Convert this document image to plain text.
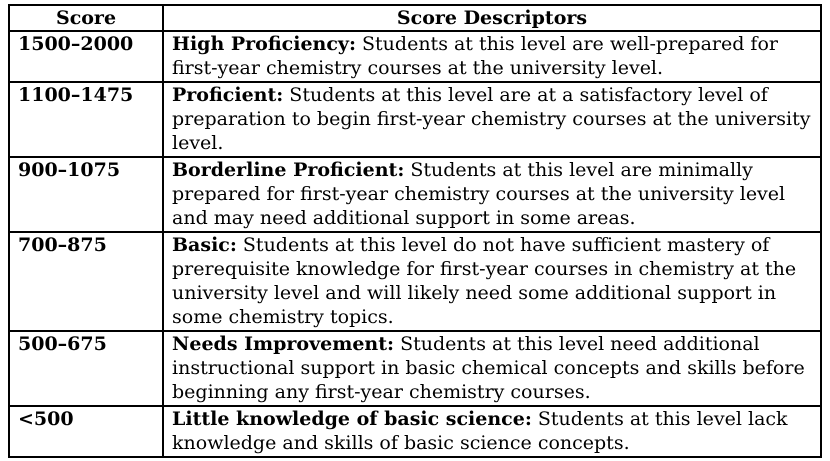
Score	Score Descriptors
1500–2000	High Proficiency: Students at this level are well-prepared for first-year chemistry courses at the university level.
1100–1475	Proficient: Students at this level are at a satisfactory level of preparation to begin first-year chemistry courses at the university level.
900–1075	Borderline Proficient: Students at this level are minimally prepared for first-year chemistry courses at the university level and may need additional support in some areas.
700–875	Basic: Students at this level do not have sufficient mastery of prerequisite knowledge for first-year courses in chemistry at the university level and will likely need some additional support in some chemistry topics.
500–675	Needs Improvement: Students at this level need additional instructional support in basic chemical concepts and skills before beginning any first-year chemistry courses.
<500	Little knowledge of basic science: Students at this level lack knowledge and skills of basic science concepts.
